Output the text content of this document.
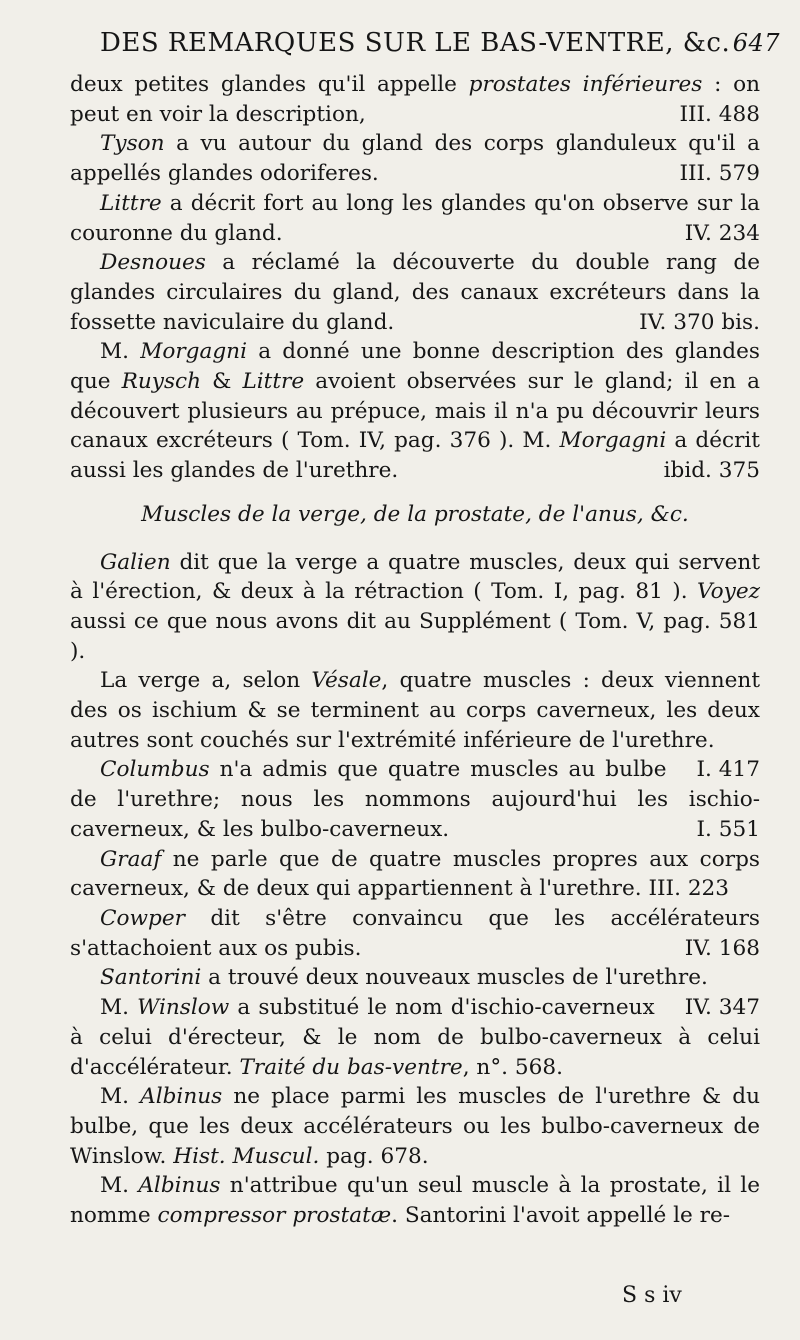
DES REMARQUES SUR LE BAS-VENTRE, &c. 647

deux petites glandes qu'il appelle prostates inférieures : on peut en voir la description,	III. 488

Tyson a vu autour du gland des corps glanduleux qu'il a appellés glandes odoriferes.	III. 579

Littre a décrit fort au long les glandes qu'on observe sur la couronne du gland.	IV. 234

Desnoues a réclamé la découverte du double rang de glandes circulaires du gland, des canaux excréteurs dans la fossette naviculaire du gland.	IV. 370 bis.

M. Morgagni a donné une bonne description des glandes que Ruysch & Littre avoient observées sur le gland; il en a découvert plusieurs au prépuce, mais il n'a pu découvrir leurs canaux excréteurs ( Tom. IV, pag. 376 ). M. Morgagni a décrit aussi les glandes de l'urethre.	ibid. 375

Muscles de la verge, de la prostate, de l'anus, &c.

Galien dit que la verge a quatre muscles, deux qui servent à l'érection, & deux à la rétraction ( Tom. I, pag. 81 ). Voyez aussi ce que nous avons dit au Supplément ( Tom. V, pag. 581 ).

La verge a, selon Vésale, quatre muscles : deux viennent des os ischium & se terminent au corps caverneux, les deux autres sont couchés sur l'extrémité inférieure de l'urethre.
I. 417

Columbus n'a admis que quatre muscles au bulbe de l'urethre; nous les nommons aujourd'hui les ischio-caverneux, & les bulbo-caverneux.	I. 551

Graaf ne parle que de quatre muscles propres aux corps caverneux, & de deux qui appartiennent à l'urethre. III. 223

Cowper dit s'être convaincu que les accélérateurs s'attachoient aux os pubis.	IV. 168

Santorini a trouvé deux nouveaux muscles de l'urethre.
IV. 347

M. Winslow a substitué le nom d'ischio-caverneux à celui d'érecteur, & le nom de bulbo-caverneux à celui d'accélérateur. Traité du bas-ventre, n°. 568.

M. Albinus ne place parmi les muscles de l'urethre & du bulbe, que les deux accélérateurs ou les bulbo-caverneux de Winslow. Hist. Muscul. pag. 678.

M. Albinus n'attribue qu'un seul muscle à la prostate, il le nomme compressor prostatæ. Santorini l'avoit appellé le re-

S s iv
